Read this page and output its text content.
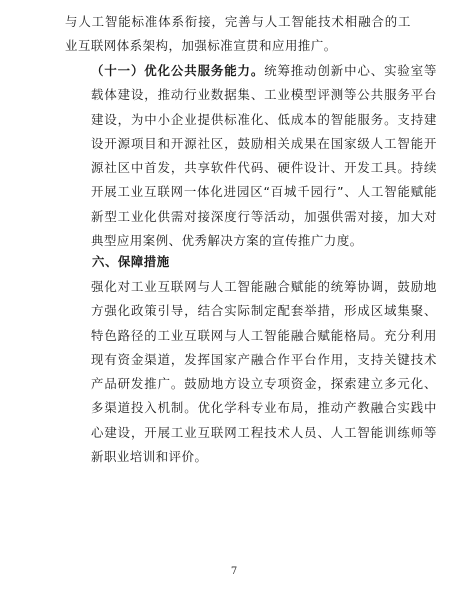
与人工智能标准体系衔接，完善与人工智能技术相融合的工业互联网体系架构，加强标准宣贯和应用推广。

（十一）优化公共服务能力。统筹推动创新中心、实验室等载体建设，推动行业数据集、工业模型评测等公共服务平台建设，为中小企业提供标准化、低成本的智能服务。支持建设开源项目和开源社区，鼓励相关成果在国家级人工智能开源社区中首发，共享软件代码、硬件设计、开发工具。持续开展工业互联网一体化进园区“百城千园行”、人工智能赋能新型工业化供需对接深度行等活动，加强供需对接，加大对典型应用案例、优秀解决方案的宣传推广力度。

六、保障措施

强化对工业互联网与人工智能融合赋能的统筹协调，鼓励地方强化政策引导，结合实际制定配套举措，形成区域集聚、特色路径的工业互联网与人工智能融合赋能格局。充分利用现有资金渠道，发挥国家产融合作平台作用，支持关键技术产品研发推广。鼓励地方设立专项资金，探索建立多元化、多渠道投入机制。优化学科专业布局，推动产教融合实践中心建设，开展工业互联网工程技术人员、人工智能训练师等新职业培训和评价。

7
